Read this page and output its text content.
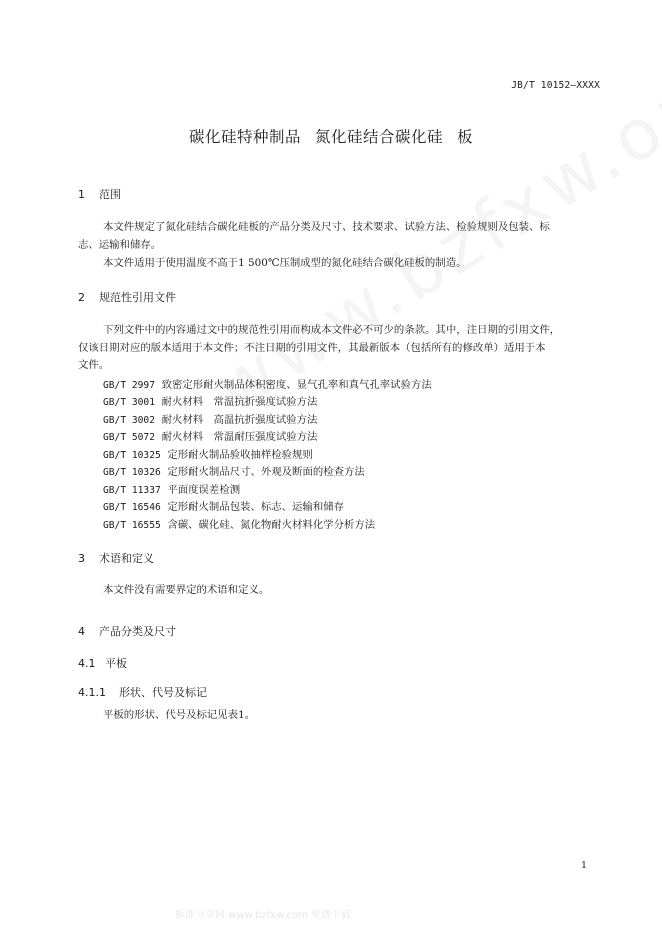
JB/T 10152—XXXX
碳化硅特种制品 氮化硅结合碳化硅 板
1 范围
本文件规定了氮化硅结合碳化硅板的产品分类及尺寸、技术要求、试验方法、检验规则及包装、标
志、运输和储存。
本文件适用于使用温度不高于1 500℃压制成型的氮化硅结合碳化硅板的制造。
2 规范性引用文件
下列文件中的内容通过文中的规范性引用而构成本文件必不可少的条款。其中，注日期的引用文件，
仅该日期对应的版本适用于本文件；不注日期的引用文件，其最新版本（包括所有的修改单）适用于本
文件。
GB/T 2997 致密定形耐火制品体积密度、显气孔率和真气孔率试验方法
GB/T 3001 耐火材料　常温抗折强度试验方法
GB/T 3002 耐火材料　高温抗折强度试验方法
GB/T 5072 耐火材料　常温耐压强度试验方法
GB/T 10325 定形耐火制品验收抽样检验规则
GB/T 10326 定形耐火制品尺寸、外观及断面的检查方法
GB/T 11337 平面度误差检测
GB/T 16546 定形耐火制品包装、标志、运输和储存
GB/T 16555 含碳、碳化硅、氮化物耐火材料化学分析方法
3 术语和定义
本文件没有需要界定的术语和定义。
4 产品分类及尺寸
4.1 平板
4.1.1 形状、代号及标记
平板的形状、代号及标记见表1。
1
标准分享网 www.bzfxw.com 免费下载
